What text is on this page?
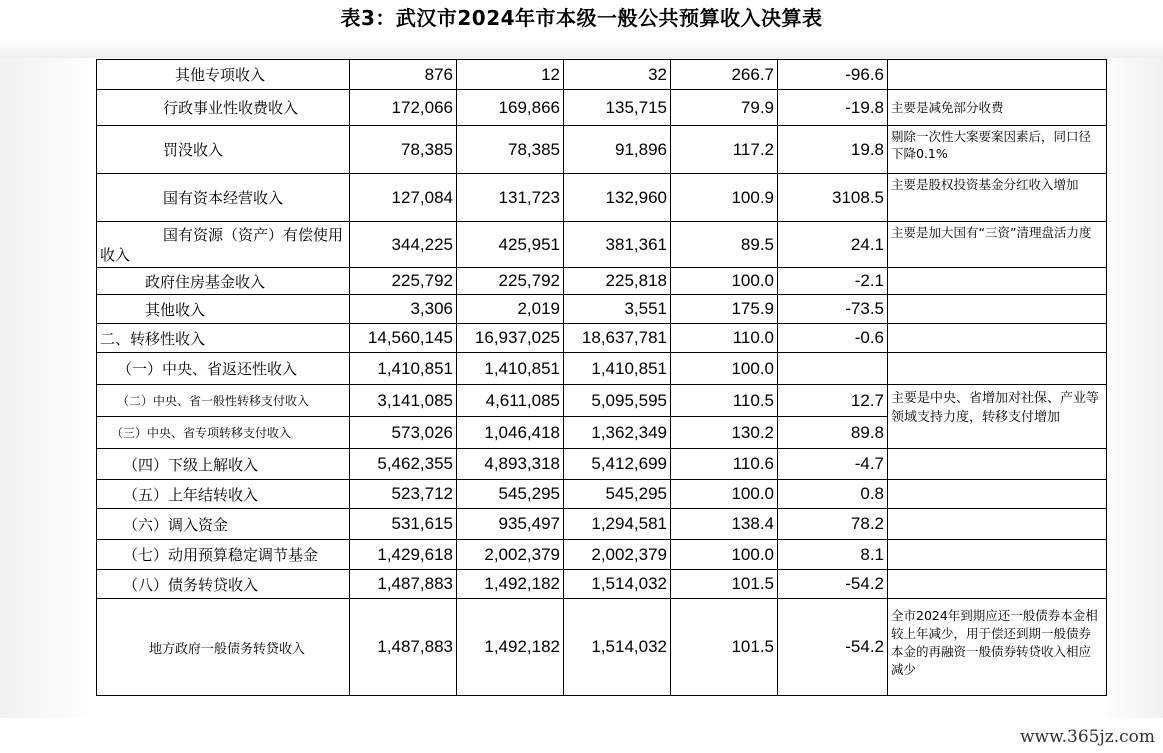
表3：武汉市2024年市本级一般公共预算收入决算表
其他专项收入	876	12	32	266.7	-96.6	
行政事业性收费收入	172,066	169,866	135,715	79.9	-19.8	主要是减免部分收费
罚没收入	78,385	78,385	91,896	117.2	19.8	剔除一次性大案要案因素后，同口径下降0.1%
国有资本经营收入	127,084	131,723	132,960	100.9	3108.5	主要是股权投资基金分红收入增加
国有资源（资产）有偿使用收入	344,225	425,951	381,361	89.5	24.1	主要是加大国有“三资”清理盘活力度
政府住房基金收入	225,792	225,792	225,818	100.0	-2.1	
其他收入	3,306	2,019	3,551	175.9	-73.5	
二、转移性收入	14,560,145	16,937,025	18,637,781	110.0	-0.6	
（一）中央、省返还性收入	1,410,851	1,410,851	1,410,851	100.0		
（二）中央、省一般性转移支付收入	3,141,085	4,611,085	5,095,595	110.5	12.7	主要是中央、省增加对社保、产业等领域支持力度，转移支付增加
（三）中央、省专项转移支付收入	573,026	1,046,418	1,362,349	130.2	89.8	
（四）下级上解收入	5,462,355	4,893,318	5,412,699	110.6	-4.7	
（五）上年结转收入	523,712	545,295	545,295	100.0	0.8	
（六）调入资金	531,615	935,497	1,294,581	138.4	78.2	
（七）动用预算稳定调节基金	1,429,618	2,002,379	2,002,379	100.0	8.1	
（八）债务转贷收入	1,487,883	1,492,182	1,514,032	101.5	-54.2	
地方政府一般债务转贷收入	1,487,883	1,492,182	1,514,032	101.5	-54.2	全市2024年到期应还一般债券本金相较上年减少，用于偿还到期一般债券本金的再融资一般债券转贷收入相应减少
www.365jz.com
